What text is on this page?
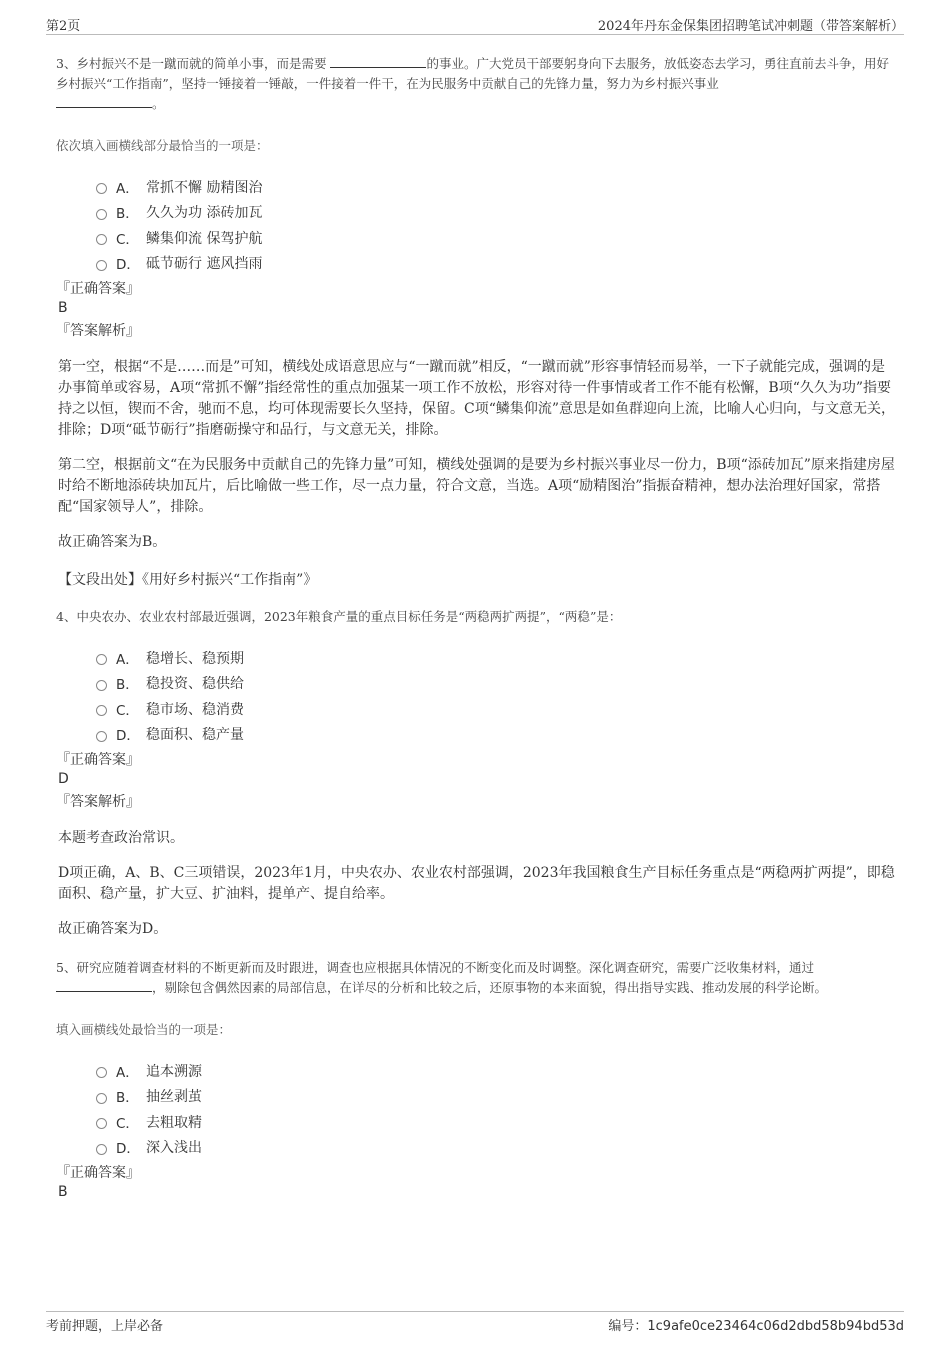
第2页	2024年丹东金保集团招聘笔试冲刺题（带答案解析）

3、乡村振兴不是一蹴而就的简单小事，而是需要	的事业。广大党员干部要躬身向下去服务，放低姿态去学习，勇往直前去斗争，用好乡村振兴“工作指南”，坚持一锤接着一锤敲，一件接着一件干，在为民服务中贡献自己的先锋力量，努力为乡村振兴事业
。

依次填入画横线部分最恰当的一项是：
A． 常抓不懈 励精图治
B． 久久为功 添砖加瓦
C． 鳞集仰流 保驾护航
D． 砥节砺行 遮风挡雨
『正确答案』
B
『答案解析』

第一空，根据“不是……而是”可知，横线处成语意思应与“一蹴而就”相反，“一蹴而就”形容事情轻而易举，一下子就能完成，强调的是办事简单或容易，A项“常抓不懈”指经常性的重点加强某一项工作不放松，形容对待一件事情或者工作不能有松懈，B项“久久为功”指要持之以恒，锲而不舍，驰而不息，均可体现需要长久坚持，保留。C项“鳞集仰流”意思是如鱼群迎向上流，比喻人心归向，与文意无关，排除；D项“砥节砺行”指磨砺操守和品行，与文意无关，排除。

第二空，根据前文“在为民服务中贡献自己的先锋力量”可知，横线处强调的是要为乡村振兴事业尽一份力，B项“添砖加瓦”原来指建房屋时给不断地添砖块加瓦片，后比喻做一些工作，尽一点力量，符合文意，当选。A项“励精图治”指振奋精神，想办法治理好国家，常搭配“国家领导人”，排除。

故正确答案为B。

【文段出处】《用好乡村振兴“工作指南”》

4、中央农办、农业农村部最近强调，2023年粮食产量的重点目标任务是“两稳两扩两提”，“两稳”是：

A． 稳增长、稳预期
B． 稳投资、稳供给
C． 稳市场、稳消费
D． 稳面积、稳产量
『正确答案』
D
『答案解析』

本题考查政治常识。

D项正确，A、B、C三项错误，2023年1月，中央农办、农业农村部强调，2023年我国粮食生产目标任务重点是“两稳两扩两提”，即稳面积、稳产量，扩大豆、扩油料，提单产、提自给率。

故正确答案为D。

5、研究应随着调查材料的不断更新而及时跟进，调查也应根据具体情况的不断变化而及时调整。深化调查研究，需要广泛收集材料，通过，剔除包含偶然因素的局部信息，在详尽的分析和比较之后，还原事物的本来面貌，得出指导实践、推动发展的科学论断。

填入画横线处最恰当的一项是：
A． 追本溯源
B． 抽丝剥茧
C． 去粗取精
D． 深入浅出
『正确答案』
B
考前押题，上岸必备	编号：1c9afe0ce23464c06d2dbd58b94bd53d
